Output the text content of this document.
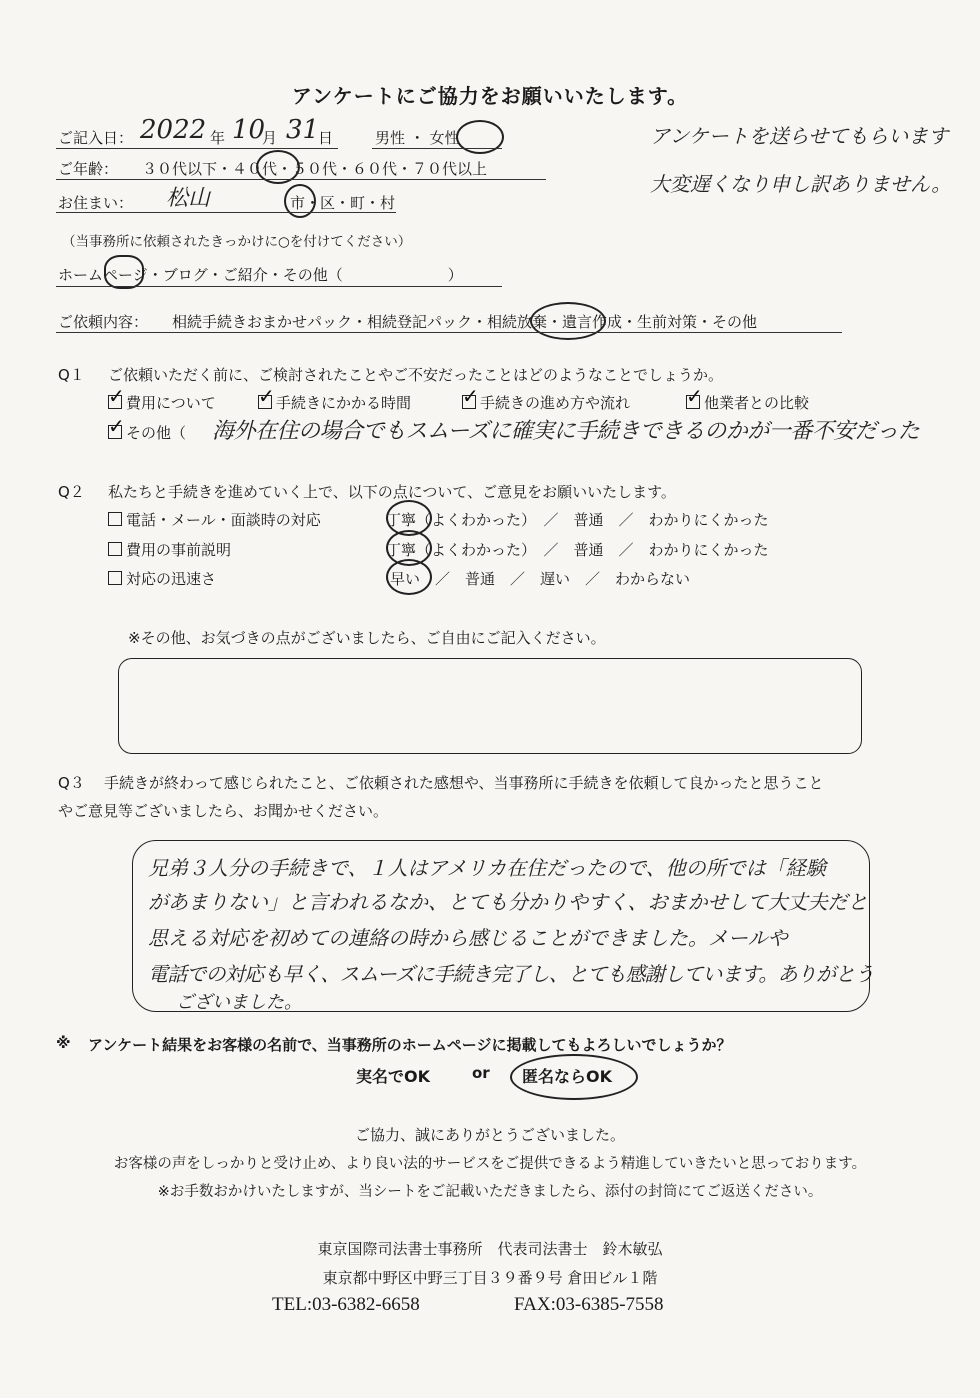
アンケートにご協力をお願いいたします。
ご記入日： 2022 年 10
月 31
日	男性 ・ 女性
ご年齢： ３０代以下・４０代・５０代・６０代・７０代以上
お住まい： 松山	市・区・町・村
アンケートを送らせてもらいます
大変遅くなり申し訳ありません。
（当事務所に依頼されたきっかけに○を付けてください）
ホームページ・ブログ・ご紹介・その他（　　　　　　　）
ご依頼内容： 相続手続きおまかせパック・相続登記パック・相続放棄・遺言作成・生前対策・その他
Q１ ご依頼いただく前に、ご検討されたことやご不安だったことはどのようなことでしょうか。
✓費用について ✓	手続きにかかる時間 ✓	手続きの進め方や流れ ✓	他業者との比較
✓その他（ 海外在住の場合でもスムーズに確実に手続きできるのかが一番不安だった
Q２ 私たちと手続きを進めていく上で、以下の点について、ご意見をお願いいたします。
電話・メール・面談時の対応	丁寧（よくわかった）　／　普通　／　わかりにくかった
費用の事前説明	丁寧（よくわかった）　／　普通　／　わかりにくかった
対応の迅速さ	早い　／　普通　／　遅い　／　わからない
※その他、お気づきの点がございましたら、ご自由にご記入ください。
Q３ 手続きが終わって感じられたこと、ご依頼された感想や、当事務所に手続きを依頼して良かったと思うこと
やご意見等ございましたら、お聞かせください。
兄弟３人分の手続きで、１人はアメリカ在住だったので、他の所では「経験
があまりない」と言われるなか、とても分かりやすく、おまかせして大丈夫だと
思える対応を初めての連絡の時から感じることができました。メールや
電話での対応も早く、スムーズに手続き完了し、とても感謝しています。ありがとう
ございました。
※ アンケート結果をお客様の名前で、当事務所のホームページに掲載してもよろしいでしょうか？
実名でOK	or 匿名ならOK
ご協力、誠にありがとうございました。
お客様の声をしっかりと受け止め、より良い法的サービスをご提供できるよう精進していきたいと思っております。
※お手数おかけいたしますが、当シートをご記載いただきましたら、添付の封筒にてご返送ください。
東京国際司法書士事務所　代表司法書士　鈴木敏弘
東京都中野区中野三丁目３９番９号 倉田ビル１階
TEL:03-6382-6658	FAX:03-6385-7558
